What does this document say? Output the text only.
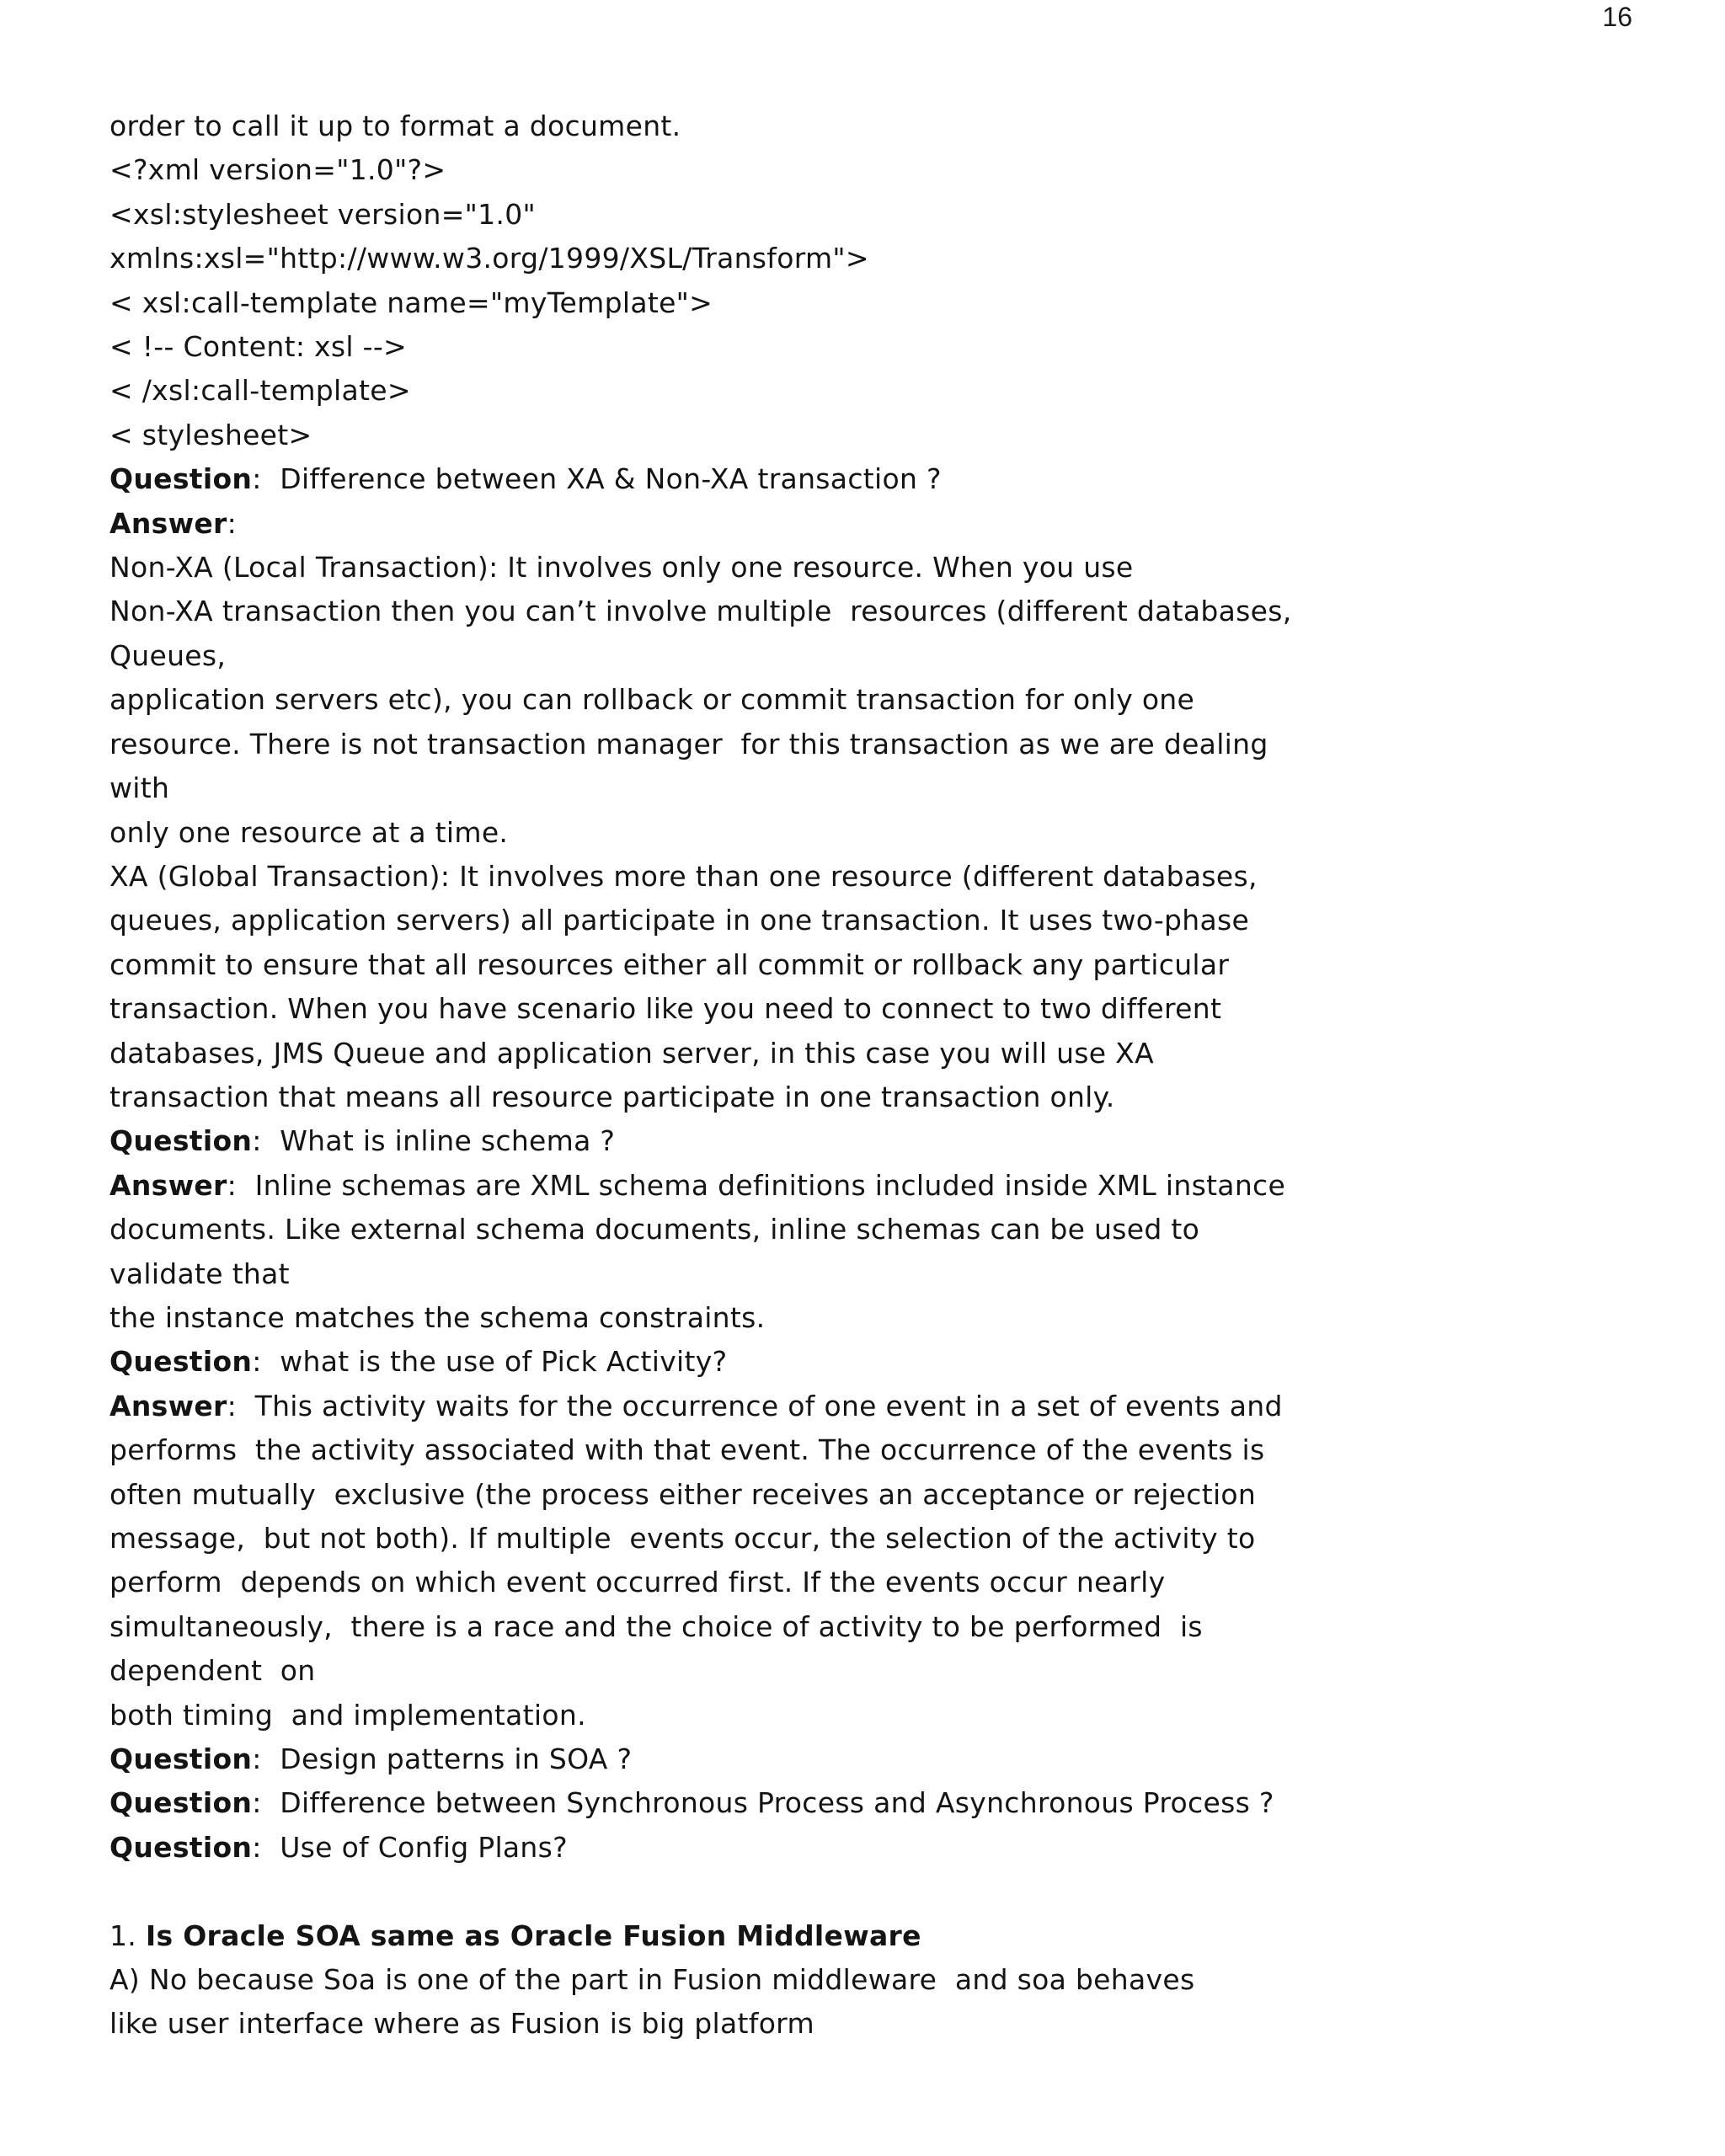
16
order to call it up to format a document.
<?xml version="1.0"?>
<xsl:stylesheet version="1.0"
xmlns:xsl="http://www.w3.org/1999/XSL/Transform">
< xsl:call-template name="myTemplate">
< !-- Content: xsl -->
< /xsl:call-template>
< stylesheet>
Question:  Difference between XA & Non-XA transaction ?
Answer:
Non-XA (Local Transaction): It involves only one resource. When you use
Non-XA transaction then you can’t involve multiple  resources (different databases,
Queues,
application servers etc), you can rollback or commit transaction for only one
resource. There is not transaction manager  for this transaction as we are dealing
with
only one resource at a time.
XA (Global Transaction): It involves more than one resource (different databases,
queues, application servers) all participate in one transaction. It uses two-phase
commit to ensure that all resources either all commit or rollback any particular
transaction. When you have scenario like you need to connect to two different
databases, JMS Queue and application server, in this case you will use XA
transaction that means all resource participate in one transaction only.
Question:  What is inline schema ?
Answer:  Inline schemas are XML schema definitions included inside XML instance
documents. Like external schema documents, inline schemas can be used to
validate that
the instance matches the schema constraints.
Question:  what is the use of Pick Activity?
Answer:  This activity waits for the occurrence of one event in a set of events and
performs  the activity associated with that event. The occurrence of the events is
often mutually  exclusive (the process either receives an acceptance or rejection
message,  but not both). If multiple  events occur, the selection of the activity to
perform  depends on which event occurred first. If the events occur nearly
simultaneously,  there is a race and the choice of activity to be performed  is
dependent  on
both timing  and implementation.
Question:  Design patterns in SOA ?
Question:  Difference between Synchronous Process and Asynchronous Process ?
Question:  Use of Config Plans?
1. Is Oracle SOA same as Oracle Fusion Middleware
A) No because Soa is one of the part in Fusion middleware  and soa behaves
like user interface where as Fusion is big platform
